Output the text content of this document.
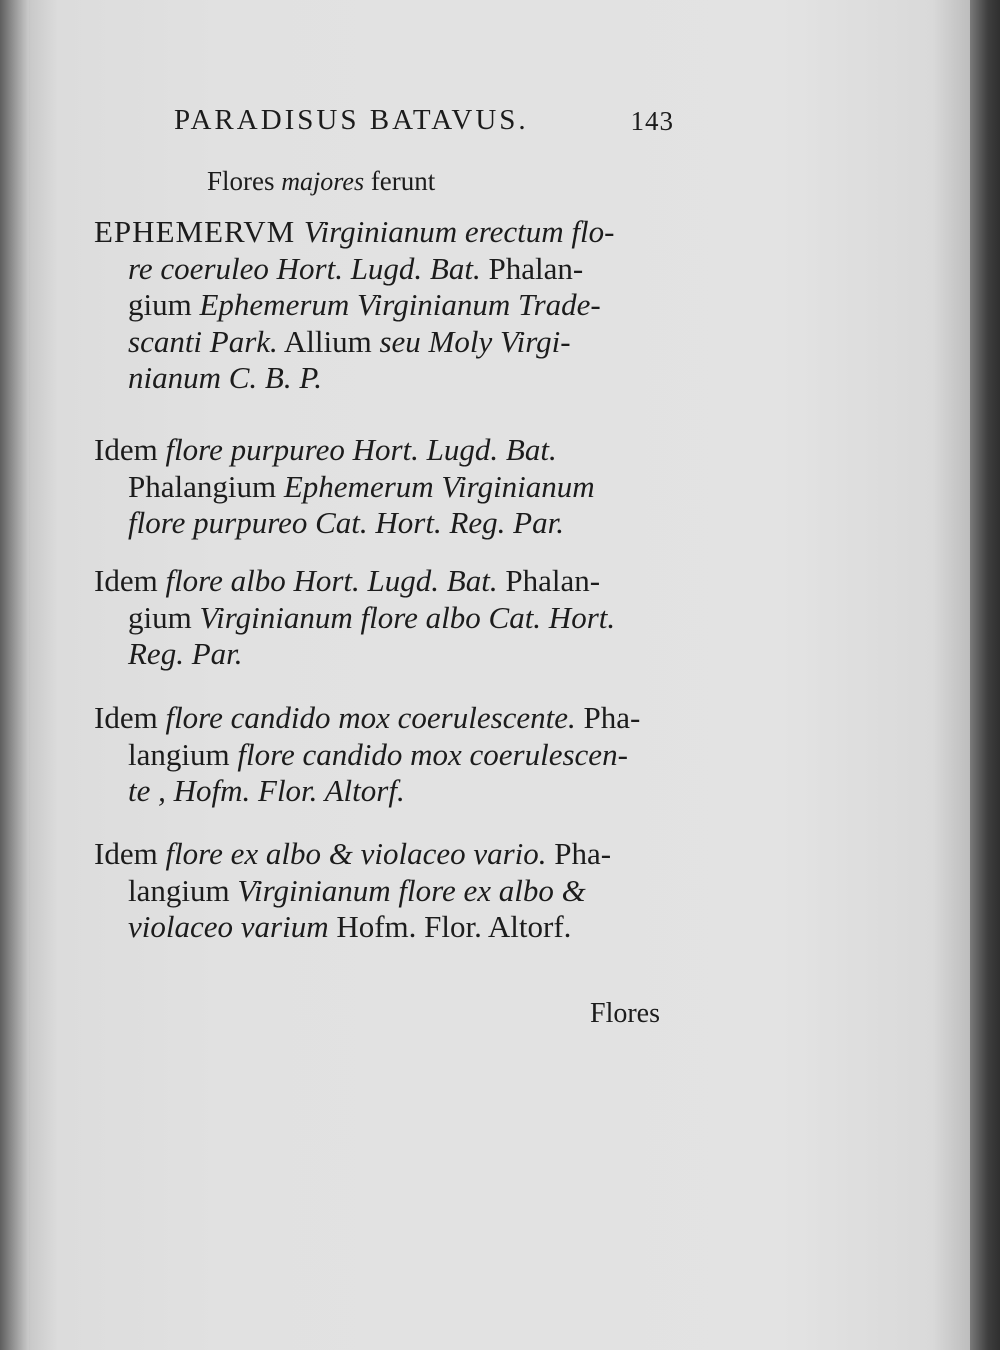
PARADISUS BATAVUS.	143
Flores majores ferunt
EPHEMERVM Virginianum erectum flo-
re coeruleo Hort. Lugd. Bat. Phalan-
gium Ephemerum Virginianum Trade-
scanti Park. Allium seu Moly Virgi-
nianum C. B. P.
Idem flore purpureo Hort. Lugd. Bat.
Phalangium Ephemerum Virginianum
flore purpureo Cat. Hort. Reg. Par.
Idem flore albo Hort. Lugd. Bat. Phalan-
gium Virginianum flore albo Cat. Hort.
Reg. Par.
Idem flore candido mox coerulescente. Pha-
langium flore candido mox coerulescen-
te , Hofm. Flor. Altorf.
Idem flore ex albo & violaceo vario. Pha-
langium Virginianum flore ex albo &
violaceo varium Hofm. Flor. Altorf.
Flores
